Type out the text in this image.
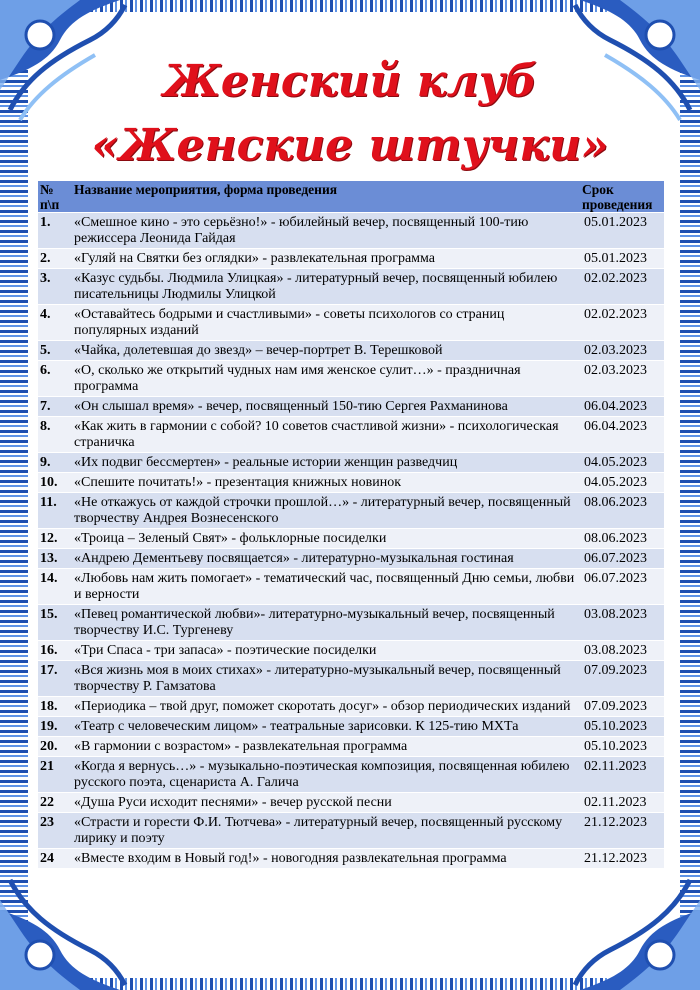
Женский клуб
«Женские штучки»
№ п\п	Название мероприятия, форма проведения	Срок проведения
1.	«Смешное кино - это серьёзно!» - юбилейный вечер, посвященный 100-тию режиссера Леонида Гайдая	05.01.2023
2.	«Гуляй на Святки без оглядки» - развлекательная программа	05.01.2023
3.	«Казус судьбы. Людмила Улицкая» - литературный вечер, посвященный юбилею писательницы Людмилы Улицкой	02.02.2023
4.	«Оставайтесь бодрыми и счастливыми» - советы психологов со страниц популярных изданий	02.02.2023
5.	«Чайка, долетевшая до звезд» – вечер-портрет В. Терешковой	02.03.2023
6.	«О, сколько же открытий чудных нам имя женское сулит…» - праздничная программа	02.03.2023
7.	«Он слышал время» - вечер, посвященный 150-тию Сергея Рахманинова	06.04.2023
8.	«Как жить в гармонии с собой? 10 советов счастливой жизни» - психологическая страничка	06.04.2023
9.	«Их подвиг бессмертен» - реальные истории женщин разведчиц	04.05.2023
10.	«Спешите почитать!» - презентация книжных новинок	04.05.2023
11.	«Не откажусь от каждой строчки прошлой…» - литературный вечер, посвященный творчеству Андрея Вознесенского	08.06.2023
12.	«Троица – Зеленый Свят» - фольклорные посиделки	08.06.2023
13.	«Андрею Дементьеву посвящается» - литературно-музыкальная гостиная	06.07.2023
14.	«Любовь нам жить помогает» - тематический час, посвященный Дню семьи, любви и верности	06.07.2023
15.	«Певец романтической любви»- литературно-музыкальный вечер, посвященный творчеству И.С. Тургеневу	03.08.2023
16.	«Три Спаса - три запаса» - поэтические посиделки	03.08.2023
17.	«Вся жизнь моя в моих стихах» - литературно-музыкальный вечер, посвященный творчеству Р. Гамзатова	07.09.2023
18.	«Периодика – твой друг, поможет скоротать досуг» - обзор периодических изданий	07.09.2023
19.	«Театр с человеческим лицом» - театральные зарисовки. К 125-тию МХТа	05.10.2023
20.	«В гармонии с возрастом» - развлекательная программа	05.10.2023
21	«Когда я вернусь…» - музыкально-поэтическая композиция, посвященная юбилею русского поэта, сценариста А. Галича	02.11.2023
22	«Душа Руси исходит песнями» - вечер русской песни	02.11.2023
23	«Страсти и горести Ф.И. Тютчева» - литературный вечер, посвященный русскому лирику и поэту	21.12.2023
24	«Вместе входим в Новый год!» - новогодняя развлекательная программа	21.12.2023
